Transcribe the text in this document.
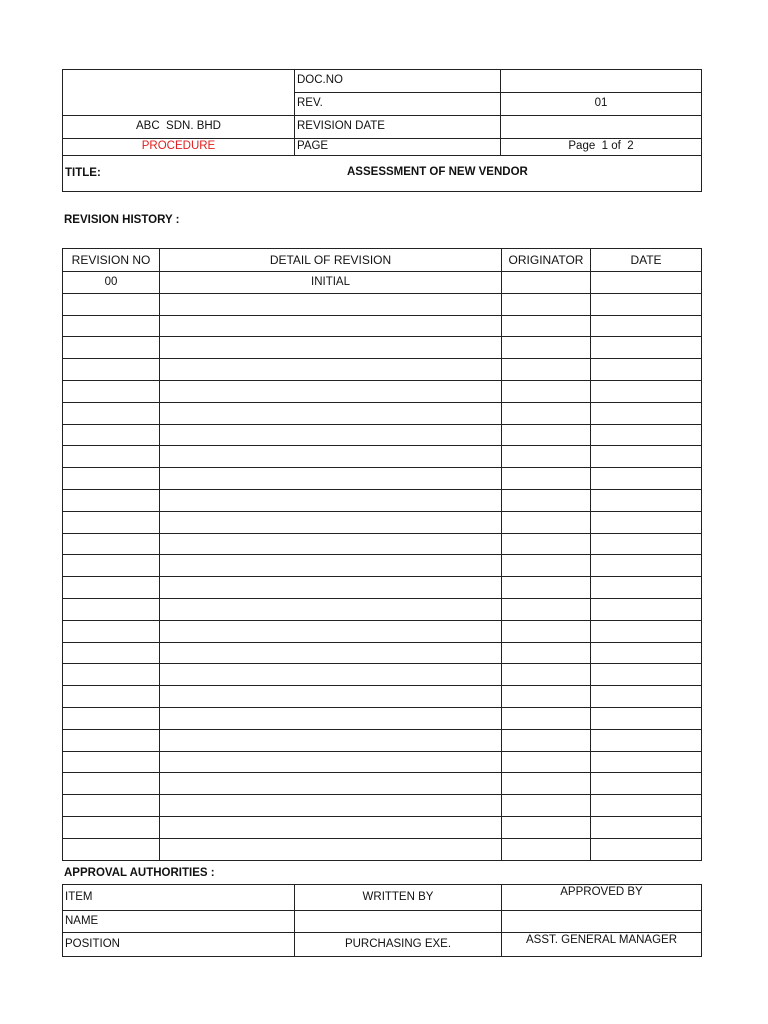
	DOC.NO	
	REV.	01
ABC  SDN. BHD	REVISION DATE	
PROCEDURE	PAGE	Page  1 of  2
TITLE: ASSESSMENT OF NEW VENDOR		
REVISION HISTORY :
REVISION NO	DETAIL OF REVISION	ORIGINATOR	DATE
00	INITIAL		

APPROVAL AUTHORITIES :
ITEM	WRITTEN BY	APPROVED BY
NAME		
POSITION	PURCHASING EXE.	ASST. GENERAL MANAGER
